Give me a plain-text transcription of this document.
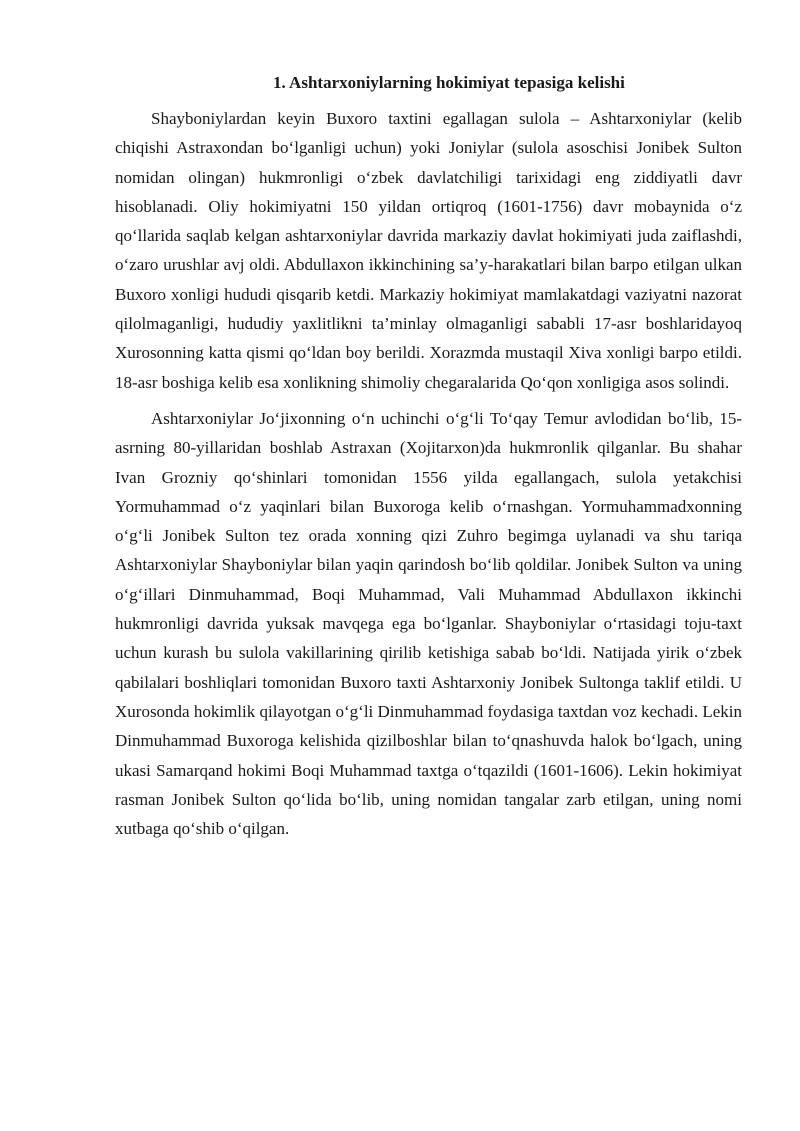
1. Ashtarxoniylarning hokimiyat tepasiga kelishi

Shayboniylardan keyin Buxoro taxtini egallagan sulola – Ashtarxoniylar (kelib chiqishi Astraxondan bo‘lganligi uchun) yoki Joniylar (sulola asoschisi Jonibek Sulton nomidan olingan) hukmronligi o‘zbek davlatchiligi tarixidagi eng ziddiyatli davr hisoblanadi. Oliy hokimiyatni 150 yildan ortiqroq (1601-1756) davr mobaynida o‘z qo‘llarida saqlab kelgan ashtarxoniylar davrida markaziy davlat hokimiyati juda zaiflashdi, o‘zaro urushlar avj oldi. Abdullaxon ikkinchining sa’y-harakatlari bilan barpo etilgan ulkan Buxoro xonligi hududi qisqarib ketdi. Markaziy hokimiyat mamlakatdagi vaziyatni nazorat qilolmaganligi, hududiy yaxlitlikni ta’minlay olmaganligi sababli 17-asr boshlaridayoq Xurosonning katta qismi qo‘ldan boy berildi. Xorazmda mustaqil Xiva xonligi barpo etildi. 18-asr boshiga kelib esa xonlikning shimoliy chegaralarida Qo‘qon xonligiga asos solindi.

Ashtarxoniylar Jo‘jixonning o‘n uchinchi o‘g‘li To‘qay Temur avlodidan bo‘lib, 15-asrning 80-yillaridan boshlab Astraxan (Xojitarxon)da hukmronlik qilganlar. Bu shahar Ivan Grozniy qo‘shinlari tomonidan 1556 yilda egallangach, sulola yetakchisi Yormuhammad o‘z yaqinlari bilan Buxoroga kelib o‘rnashgan. Yormuhammadxonning o‘g‘li Jonibek Sulton tez orada xonning qizi Zuhro begimga uylanadi va shu tariqa Ashtarxoniylar Shayboniylar bilan yaqin qarindosh bo‘lib qoldilar. Jonibek Sulton va uning o‘g‘illari Dinmuhammad, Boqi Muhammad, Vali Muhammad Abdullaxon ikkinchi hukmronligi davrida yuksak mavqega ega bo‘lganlar. Shayboniylar o‘rtasidagi toju-taxt uchun kurash bu sulola vakillarining qirilib ketishiga sabab bo‘ldi. Natijada yirik o‘zbek qabilalari boshliqlari tomonidan Buxoro taxti Ashtarxoniy Jonibek Sultonga taklif etildi. U Xurosonda hokimlik qilayotgan o‘g‘li Dinmuhammad foydasiga taxtdan voz kechadi. Lekin Dinmuhammad Buxoroga kelishida qizilboshlar bilan to‘qnashuvda halok bo‘lgach, uning ukasi Samarqand hokimi Boqi Muhammad taxtga o‘tqazildi (1601-1606). Lekin hokimiyat rasman Jonibek Sulton qo‘lida bo‘lib, uning nomidan tangalar zarb etilgan, uning nomi xutbaga qo‘shib o‘qilgan.
